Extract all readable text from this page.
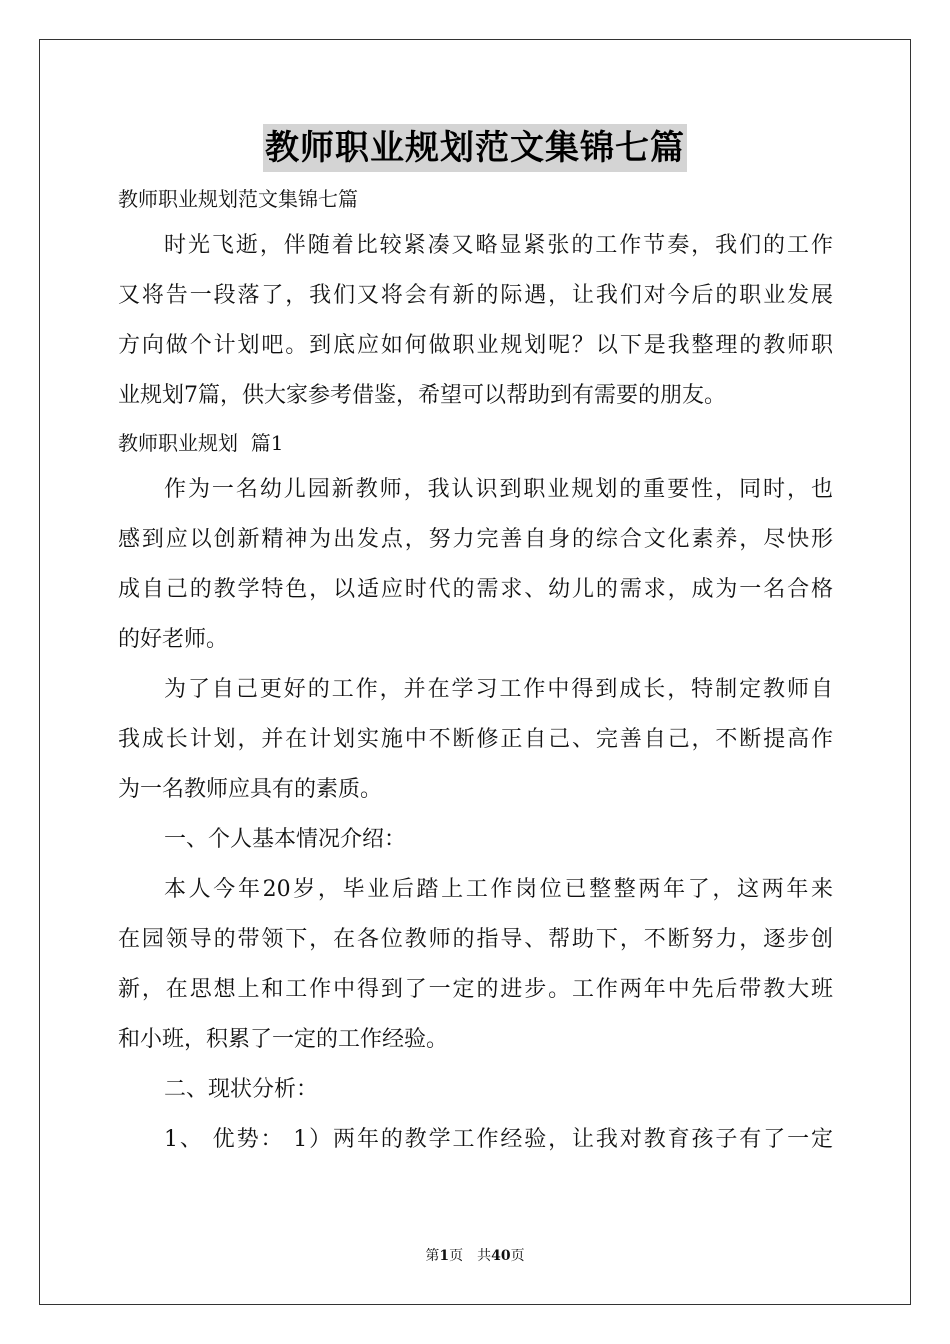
教师职业规划范文集锦七篇
教师职业规划范文集锦七篇
时光飞逝，伴随着比较紧凑又略显紧张的工作节奏，我们的工作
又将告一段落了，我们又将会有新的际遇，让我们对今后的职业发展
方向做个计划吧。到底应如何做职业规划呢？以下是我整理的教师职
业规划7篇，供大家参考借鉴，希望可以帮助到有需要的朋友。
教师职业规划  篇1
作为一名幼儿园新教师，我认识到职业规划的重要性，同时，也
感到应以创新精神为出发点，努力完善自身的综合文化素养，尽快形
成自己的教学特色，以适应时代的需求、幼儿的需求，成为一名合格
的好老师。
为了自己更好的工作，并在学习工作中得到成长，特制定教师自
我成长计划，并在计划实施中不断修正自己、完善自己，不断提高作
为一名教师应具有的素质。
一、个人基本情况介绍：
本人今年20岁，毕业后踏上工作岗位已整整两年了，这两年来
在园领导的带领下，在各位教师的指导、帮助下，不断努力，逐步创
新，在思想上和工作中得到了一定的进步。工作两年中先后带教大班
和小班，积累了一定的工作经验。
二、现状分析：
1、 优势： 1）两年的教学工作经验，让我对教育孩子有了一定
第1页 共40页
